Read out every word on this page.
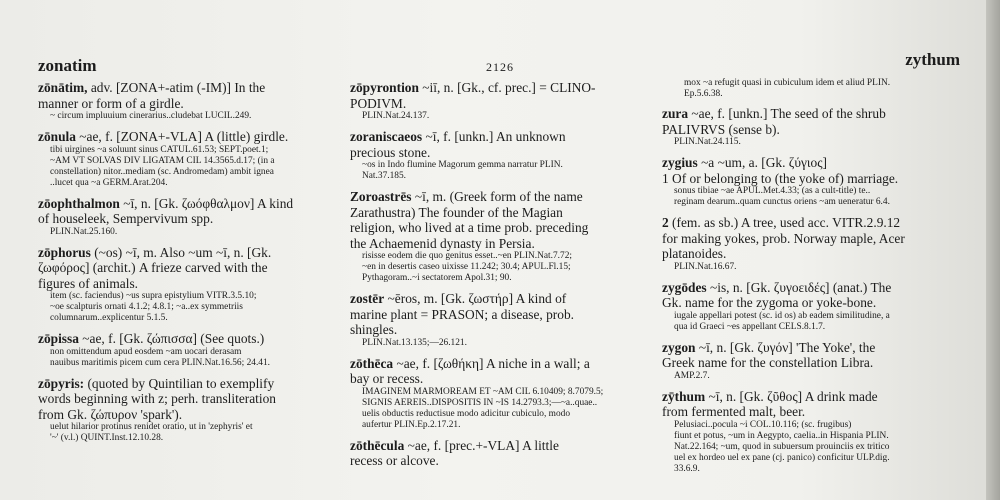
zonatim	2126	zythum
zōnātim, adv. [ZONA+-atim (-IM)] In the
manner or form of a girdle.
~ circum impluuium cinerarius..cludebat LUCIL.249.
zōnula ~ae, f. [ZONA+-VLA] A (little) girdle.
tibi uirgines ~a soluunt sinus CATUL.61.53; SEPT.poet.1;
~AM VT SOLVAS DIV LIGATAM CIL 14.3565.d.17; (in a
constellation) nitor..mediam (sc. Andromedam) ambit ignea
..lucet qua ~a GERM.Arat.204.
zōophthalmon ~ī, n. [Gk. ζωόφθαλμον] A kind
of houseleek, Sempervivum spp.
PLIN.Nat.25.160.
zōphorus (~os) ~ī, m. Also ~um ~ī, n. [Gk.
ζωφόρος] (archit.) A frieze carved with the
figures of animals.
item (sc. faciendus) ~us supra epistylium VITR.3.5.10;
~oe scalpturis ornati 4.1.2; 4.8.1; ~a..ex symmetriis
columnarum..explicentur 5.1.5.
zōpissa ~ae, f. [Gk. ζώπισσα] (See quots.)
non omittendum apud eosdem ~am uocari derasam
nauibus maritimis picem cum cera PLIN.Nat.16.56; 24.41.
zōpyris: (quoted by Quintilian to exemplify
words beginning with z; perh. transliteration
from Gk. ζώπυρον 'spark').
uelut hilarior protinus renidet oratio, ut in 'zephyris' et
'~' (v.l.) QUINT.Inst.12.10.28.
zōpyrontion ~iī, n. [Gk., cf. prec.] = CLINO-
PODIVM.
PLIN.Nat.24.137.
zoraniscaeos ~ī, f. [unkn.] An unknown
precious stone.
~os in Indo flumine Magorum gemma narratur PLIN.
Nat.37.185.
Zoroastrēs ~ī, m. (Greek form of the name
Zarathustra) The founder of the Magian
religion, who lived at a time prob. preceding
the Achaemenid dynasty in Persia.
risisse eodem die quo genitus esset..~en PLIN.Nat.7.72;
~en in desertis caseo uixisse 11.242; 30.4; APUL.Fl.15;
Pythagoram..~i sectatorem Apol.31; 90.
zostēr ~ēros, m. [Gk. ζωστήρ] A kind of
marine plant = PRASON; a disease, prob.
shingles.
PLIN.Nat.13.135;—26.121.
zōthēca ~ae, f. [ζωθήκη] A niche in a wall; a
bay or recess.
IMAGINEM MARMOREAM ET ~AM CIL 6.10409; 8.7079.5;
SIGNIS AEREIS..DISPOSITIS IN ~IS 14.2793.3;—~a..quae..
uelis obductis reductisue modo adicitur cubiculo, modo
aufertur PLIN.Ep.2.17.21.
zōthēcula ~ae, f. [prec.+-VLA] A little
recess or alcove.
mox ~a refugit quasi in cubiculum idem et aliud PLIN.
Ep.5.6.38.
zura ~ae, f. [unkn.] The seed of the shrub
PALIVRVS (sense b).
PLIN.Nat.24.115.
zygius ~a ~um, a. [Gk. ζύγιος]
1 Of or belonging to (the yoke of) marriage.
sonus tibiae ~ae APUL.Met.4.33; (as a cult-title) te..
reginam dearum..quam cunctus oriens ~am ueneratur 6.4.
2 (fem. as sb.) A tree, used acc. VITR.2.9.12
for making yokes, prob. Norway maple, Acer
platanoides.
PLIN.Nat.16.67.
zygōdes ~is, n. [Gk. ζυγοειδές] (anat.) The
Gk. name for the zygoma or yoke-bone.
iugale appellari potest (sc. id os) ab eadem similitudine, a
qua id Graeci ~es appellant CELS.8.1.7.
zygon ~ī, n. [Gk. ζυγόν] 'The Yoke', the
Greek name for the constellation Libra.
AMP.2.7.
zȳthum ~ī, n. [Gk. ζῦθος] A drink made
from fermented malt, beer.
Pelusiaci..pocula ~i COL.10.116; (sc. frugibus)
fiunt et potus, ~um in Aegypto, caelia..in Hispania PLIN.
Nat.22.164; ~um, quod in subuersum prouinciis ex tritico
uel ex hordeo uel ex pane (cj. panico) conficitur ULP.dig.
33.6.9.
